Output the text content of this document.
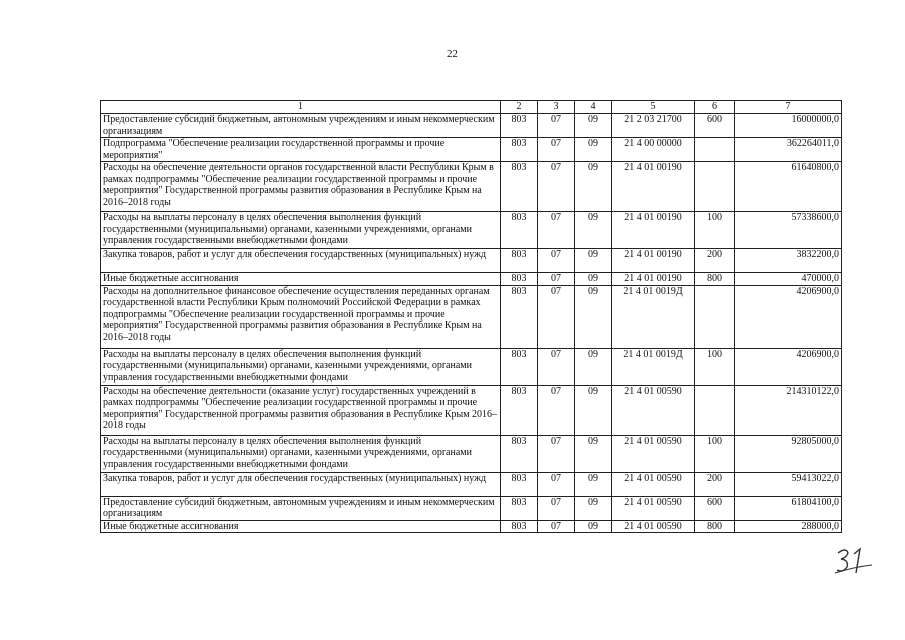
22
1	2	3	4	5	6	7
Предоставление субсидий бюджетным, автономным учреждениям и иным некоммерческим организациям	803	07	09	21 2 03 21700	600	16000000,0
Подпрограмма "Обеспечение реализации государственной программы и прочие мероприятия"	803	07	09	21 4 00 00000		362264011,0
Расходы на обеспечение деятельности органов государственной власти Республики Крым в рамках подпрограммы "Обеспечение реализации государственной программы и прочие мероприятия" Государственной программы развития образования в Республике Крым на 2016–2018 годы	803	07	09	21 4 01 00190		61640800,0
Расходы на выплаты персоналу в целях обеспечения выполнения функций государственными (муниципальными) органами, казенными учреждениями, органами управления государственными внебюджетными фондами	803	07	09	21 4 01 00190	100	57338600,0
Закупка товаров, работ и услуг для обеспечения государственных (муниципальных) нужд	803	07	09	21 4 01 00190	200	3832200,0
Иные бюджетные ассигнования	803	07	09	21 4 01 00190	800	470000,0
Расходы на дополнительное финансовое обеспечение осуществления переданных органам государственной власти Республики Крым полномочий Российской Федерации в рамках подпрограммы "Обеспечение реализации государственной программы и прочие мероприятия" Государственной программы развития образования в Республике Крым на 2016–2018 годы	803	07	09	21 4 01 0019Д		4206900,0
Расходы на выплаты персоналу в целях обеспечения выполнения функций государственными (муниципальными) органами, казенными учреждениями, органами управления государственными внебюджетными фондами	803	07	09	21 4 01 0019Д	100	4206900,0
Расходы на обеспечение деятельности (оказание услуг) государственных учреждений в рамках подпрограммы "Обеспечение реализации государственной программы и прочие мероприятия" Государственной программы развития образования в Республике Крым 2016–2018 годы	803	07	09	21 4 01 00590		214310122,0
Расходы на выплаты персоналу в целях обеспечения выполнения функций государственными (муниципальными) органами, казенными учреждениями, органами управления государственными внебюджетными фондами	803	07	09	21 4 01 00590	100	92805000,0
Закупка товаров, работ и услуг для обеспечения государственных (муниципальных) нужд	803	07	09	21 4 01 00590	200	59413022,0
Предоставление субсидий бюджетным, автономным учреждениям и иным некоммерческим организациям	803	07	09	21 4 01 00590	600	61804100,0
Иные бюджетные ассигнования	803	07	09	21 4 01 00590	800	288000,0
